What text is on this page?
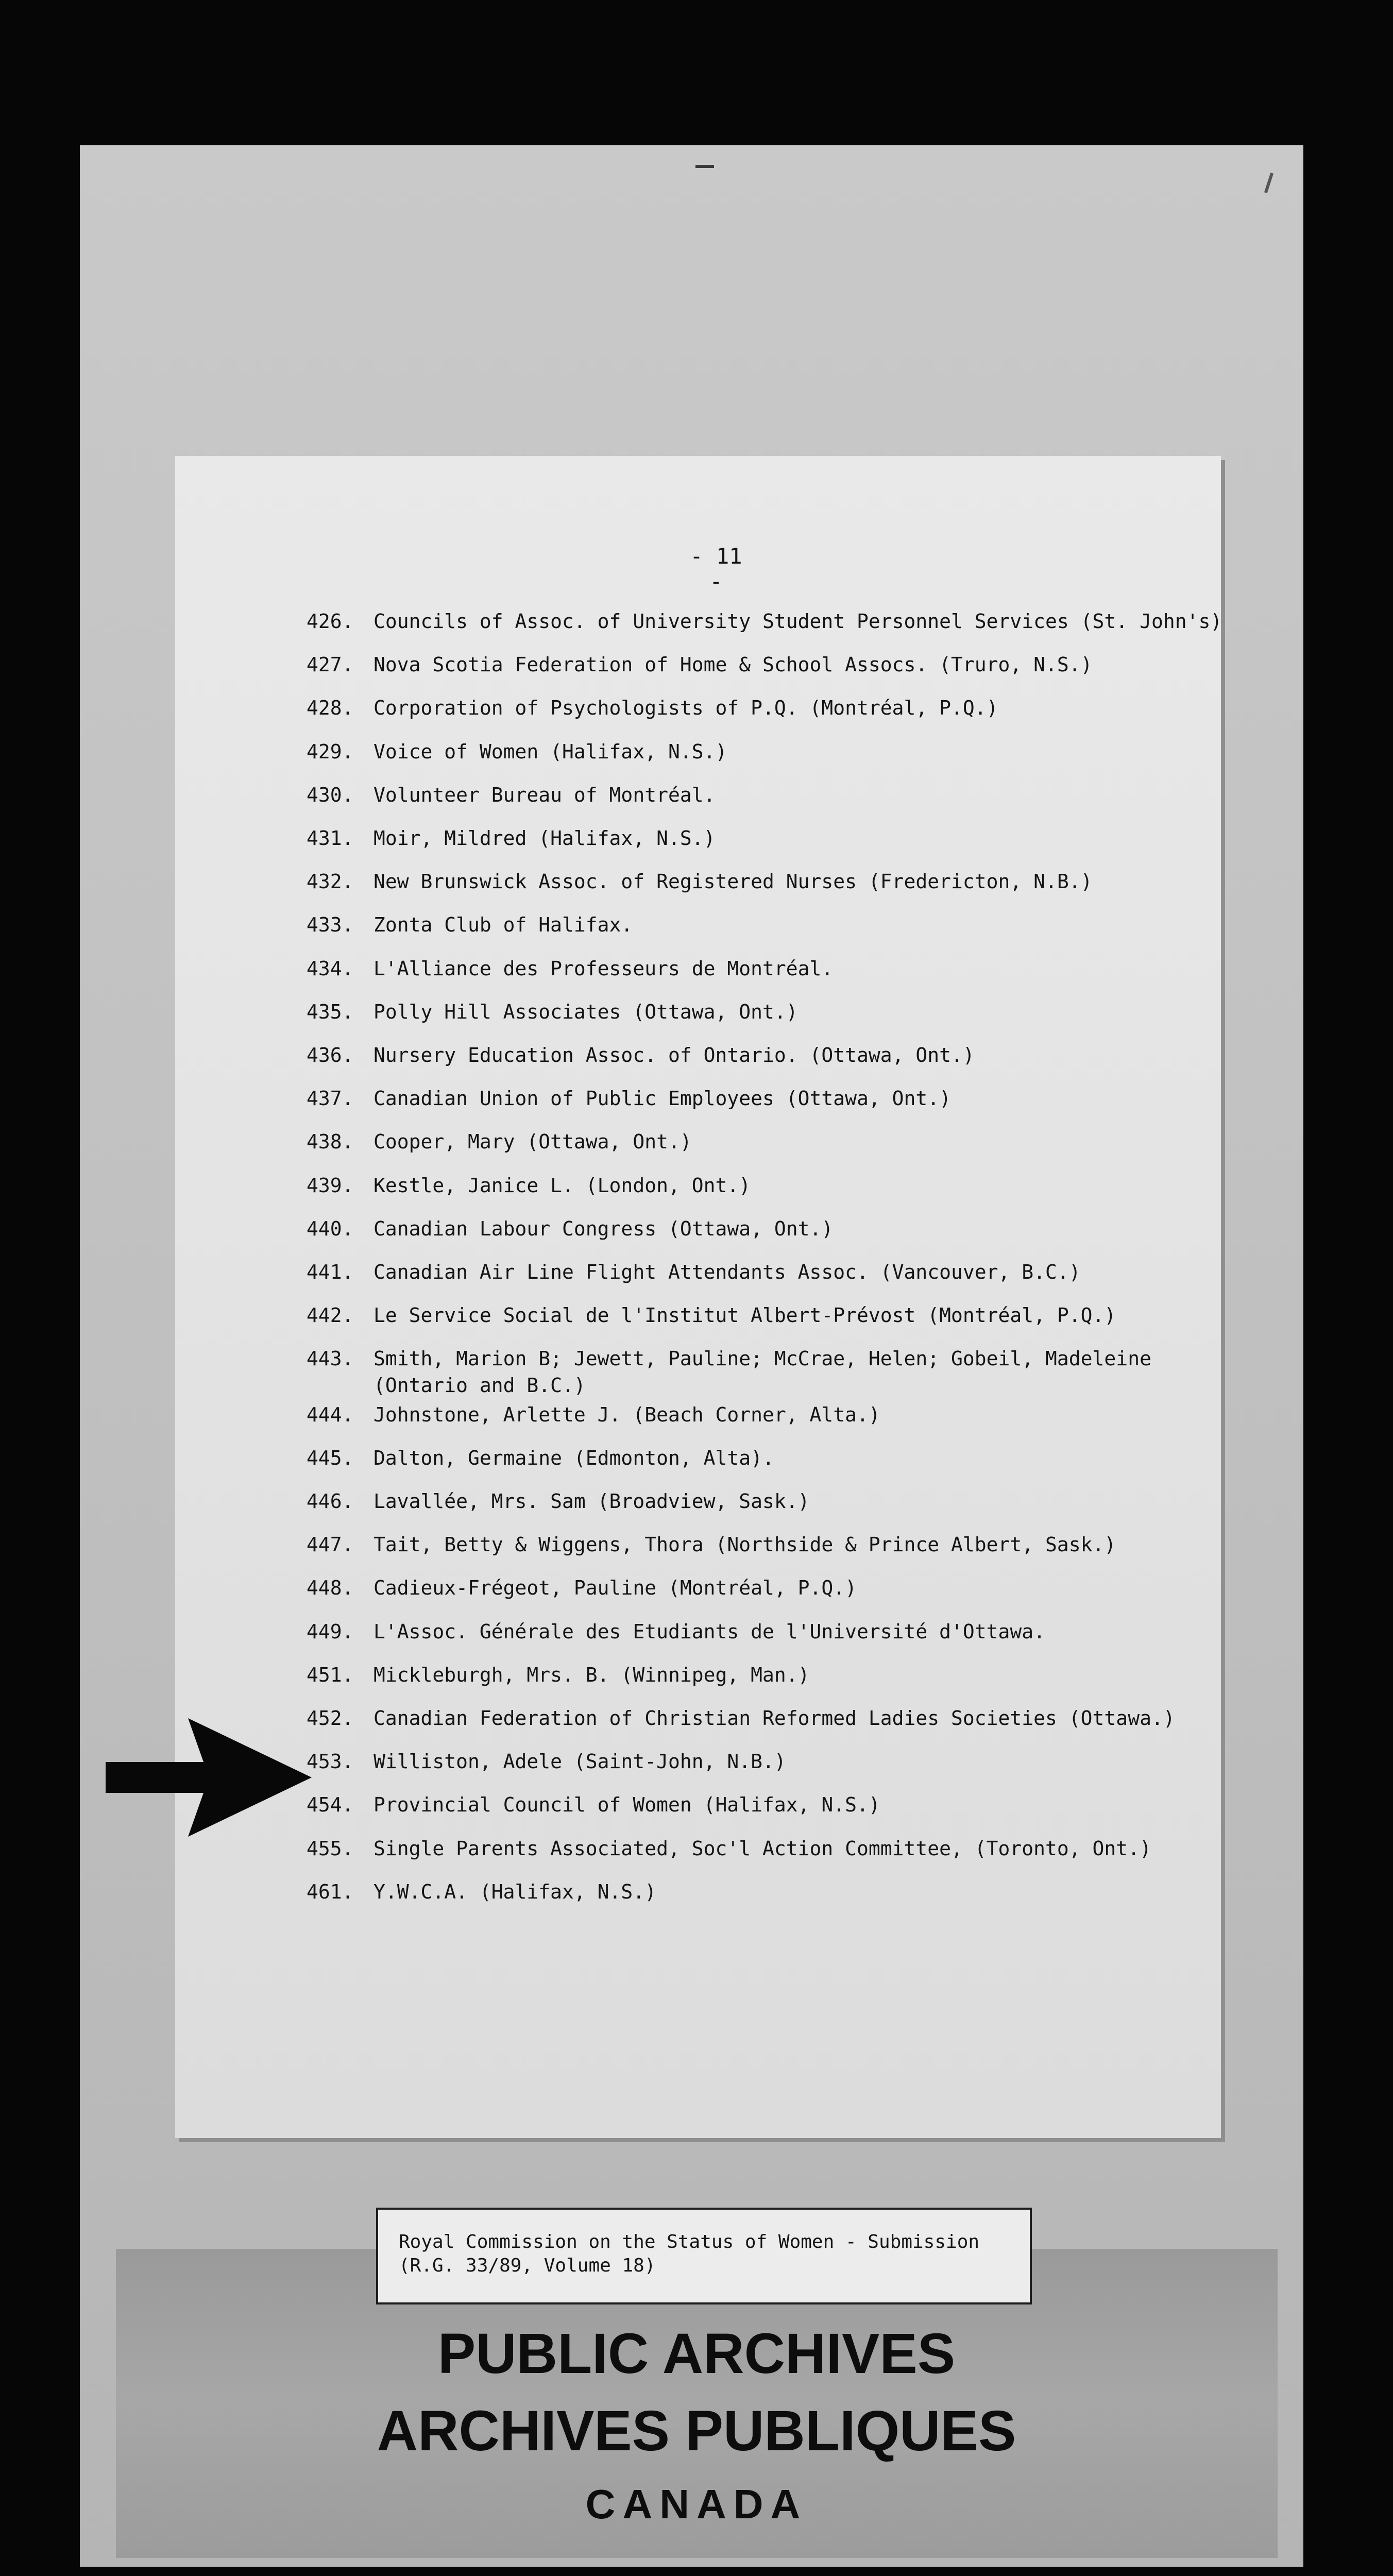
- 11 -
426. Councils of Assoc. of University Student Personnel Services (St. John's)
427. Nova Scotia Federation of Home & School Assocs. (Truro, N.S.)
428. Corporation of Psychologists of P.Q. (Montréal, P.Q.)
429. Voice of Women (Halifax, N.S.)
430. Volunteer Bureau of Montréal.
431. Moir, Mildred (Halifax, N.S.)
432. New Brunswick Assoc. of Registered Nurses (Fredericton, N.B.)
433. Zonta Club of Halifax.
434. L'Alliance des Professeurs de Montréal.
435. Polly Hill Associates (Ottawa, Ont.)
436. Nursery Education Assoc. of Ontario. (Ottawa, Ont.)
437. Canadian Union of Public Employees (Ottawa, Ont.)
438. Cooper, Mary (Ottawa, Ont.)
439. Kestle, Janice L. (London, Ont.)
440. Canadian Labour Congress (Ottawa, Ont.)
441. Canadian Air Line Flight Attendants Assoc. (Vancouver, B.C.)
442. Le Service Social de l'Institut Albert-Prévost (Montréal, P.Q.)
443. Smith, Marion B; Jewett, Pauline; McCrae, Helen; Gobeil, Madeleine
(Ontario and B.C.)
444. Johnstone, Arlette J. (Beach Corner, Alta.)
445. Dalton, Germaine (Edmonton, Alta).
446. Lavallée, Mrs. Sam (Broadview, Sask.)
447. Tait, Betty & Wiggens, Thora (Northside & Prince Albert, Sask.)
448. Cadieux-Frégeot, Pauline (Montréal, P.Q.)
449. L'Assoc. Générale des Etudiants de l'Université d'Ottawa.
451. Mickleburgh, Mrs. B. (Winnipeg, Man.)
452. Canadian Federation of Christian Reformed Ladies Societies (Ottawa.)
453. Williston, Adele (Saint-John, N.B.)
454. Provincial Council of Women (Halifax, N.S.)
455. Single Parents Associated, Soc'l Action Committee, (Toronto, Ont.)
461. Y.W.C.A. (Halifax, N.S.)
PUBLIC ARCHIVES
ARCHIVES PUBLIQUES
CANADA
Royal Commission on the Status of Women - Submission
(R.G. 33/89, Volume 18)
